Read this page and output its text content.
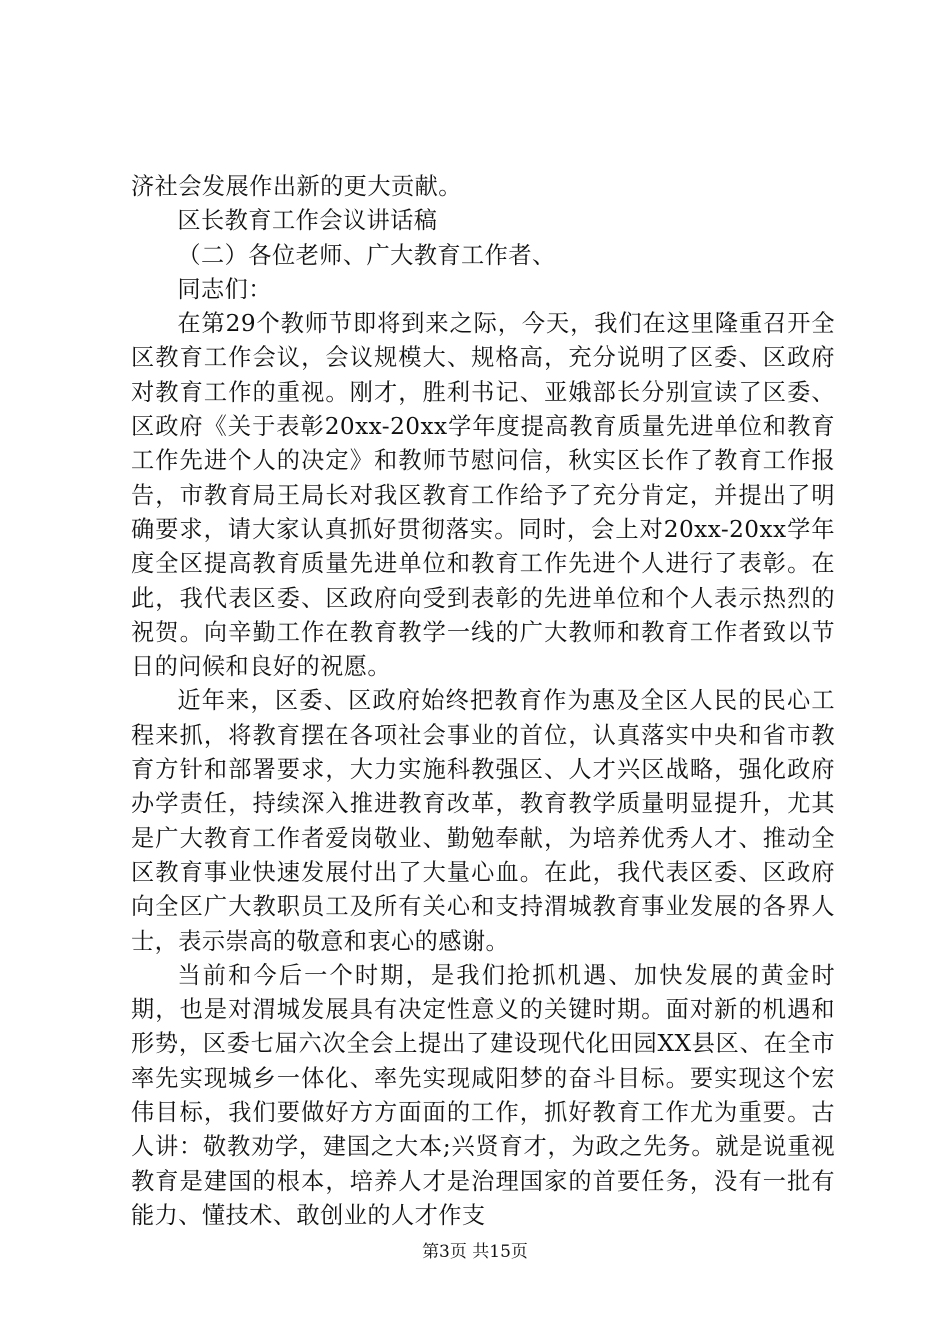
济社会发展作出新的更大贡献。

区长教育工作会议讲话稿

（二）各位老师、广大教育工作者、

同志们：

在第29个教师节即将到来之际，今天，我们在这里隆重召开全区教育工作会议，会议规模大、规格高，充分说明了区委、区政府对教育工作的重视。刚才，胜利书记、亚娥部长分别宣读了区委、区政府《关于表彰20xx-20xx学年度提高教育质量先进单位和教育工作先进个人的决定》和教师节慰问信，秋实区长作了教育工作报告，市教育局王局长对我区教育工作给予了充分肯定，并提出了明确要求，请大家认真抓好贯彻落实。同时，会上对20xx-20xx学年度全区提高教育质量先进单位和教育工作先进个人进行了表彰。在此，我代表区委、区政府向受到表彰的先进单位和个人表示热烈的祝贺。向辛勤工作在教育教学一线的广大教师和教育工作者致以节日的问候和良好的祝愿。

近年来，区委、区政府始终把教育作为惠及全区人民的民心工程来抓，将教育摆在各项社会事业的首位，认真落实中央和省市教育方针和部署要求，大力实施科教强区、人才兴区战略，强化政府办学责任，持续深入推进教育改革，教育教学质量明显提升，尤其是广大教育工作者爱岗敬业、勤勉奉献，为培养优秀人才、推动全区教育事业快速发展付出了大量心血。在此，我代表区委、区政府向全区广大教职员工及所有关心和支持渭城教育事业发展的各界人士，表示崇高的敬意和衷心的感谢。

当前和今后一个时期，是我们抢抓机遇、加快发展的黄金时期，也是对渭城发展具有决定性意义的关键时期。面对新的机遇和形势，区委七届六次全会上提出了建设现代化田园XX县区、在全市率先实现城乡一体化、率先实现咸阳梦的奋斗目标。要实现这个宏伟目标，我们要做好方方面面的工作，抓好教育工作尤为重要。古人讲：敬教劝学，建国之大本;兴贤育才，为政之先务。就是说重视教育是建国的根本，培养人才是治理国家的首要任务，没有一批有能力、懂技术、敢创业的人才作支

第3页 共15页
